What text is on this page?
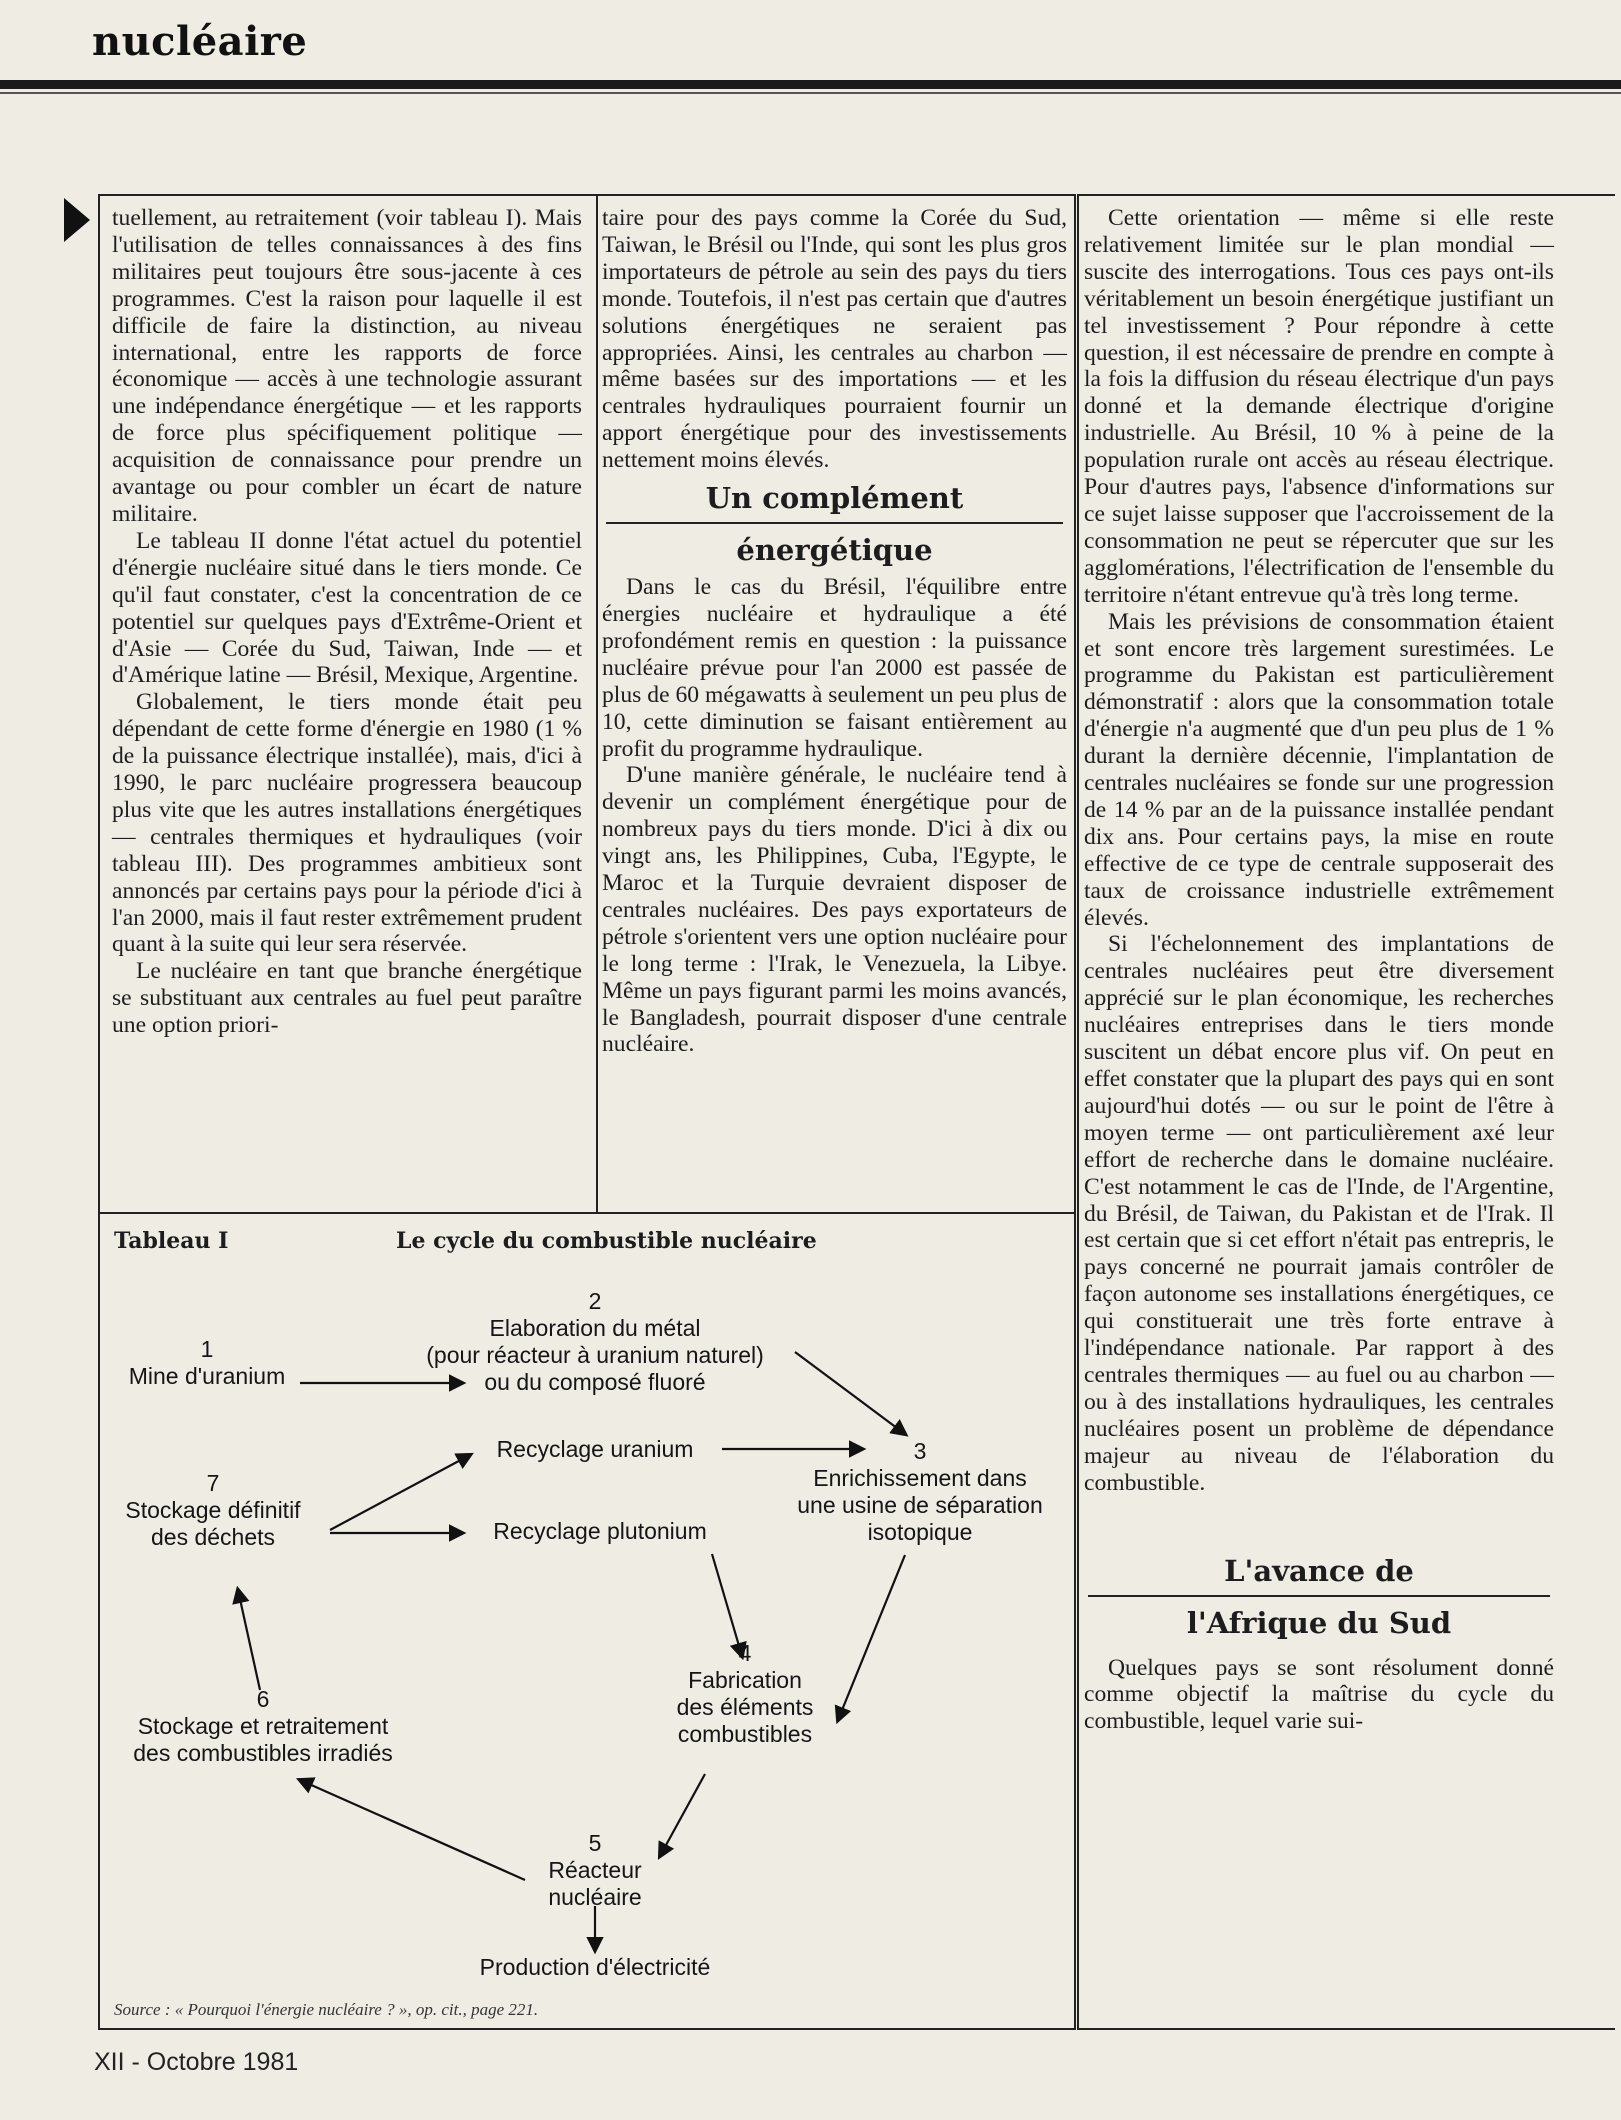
nucléaire

tuellement, au retraitement (voir tableau I). Mais l'utilisation de telles connaissances à des fins militaires peut toujours être sous-jacente à ces programmes. C'est la raison pour laquelle il est difficile de faire la distinction, au niveau international, entre les rapports de force économique — accès à une technologie assurant une indépendance énergétique — et les rapports de force plus spécifiquement politique — acquisition de connaissance pour prendre un avantage ou pour combler un écart de nature militaire.

Le tableau II donne l'état actuel du potentiel d'énergie nucléaire situé dans le tiers monde. Ce qu'il faut constater, c'est la concentration de ce potentiel sur quelques pays d'Extrême-Orient et d'Asie — Corée du Sud, Taiwan, Inde — et d'Amérique latine — Brésil, Mexique, Argentine.

Globalement, le tiers monde était peu dépendant de cette forme d'énergie en 1980 (1 % de la puissance électrique installée), mais, d'ici à 1990, le parc nucléaire progressera beaucoup plus vite que les autres installations énergétiques — centrales thermiques et hydrauliques (voir tableau III). Des programmes ambitieux sont annoncés par certains pays pour la période d'ici à l'an 2000, mais il faut rester extrêmement prudent quant à la suite qui leur sera réservée.

Le nucléaire en tant que branche énergétique se substituant aux centrales au fuel peut paraître une option priori-

taire pour des pays comme la Corée du Sud, Taiwan, le Brésil ou l'Inde, qui sont les plus gros importateurs de pétrole au sein des pays du tiers monde. Toutefois, il n'est pas certain que d'autres solutions énergétiques ne seraient pas appropriées. Ainsi, les centrales au charbon — même basées sur des importations — et les centrales hydrauliques pourraient fournir un apport énergétique pour des investissements nettement moins élevés.

Un complément
énergétique

Dans le cas du Brésil, l'équilibre entre énergies nucléaire et hydraulique a été profondément remis en question : la puissance nucléaire prévue pour l'an 2000 est passée de plus de 60 mégawatts à seulement un peu plus de 10, cette diminution se faisant entièrement au profit du programme hydraulique.

D'une manière générale, le nucléaire tend à devenir un complément énergétique pour de nombreux pays du tiers monde. D'ici à dix ou vingt ans, les Philippines, Cuba, l'Egypte, le Maroc et la Turquie devraient disposer de centrales nucléaires. Des pays exportateurs de pétrole s'orientent vers une option nucléaire pour le long terme : l'Irak, le Venezuela, la Libye. Même un pays figurant parmi les moins avancés, le Bangladesh, pourrait disposer d'une centrale nucléaire.

Cette orientation — même si elle reste relativement limitée sur le plan mondial — suscite des interrogations. Tous ces pays ont-ils véritablement un besoin énergétique justifiant un tel investissement ? Pour répondre à cette question, il est nécessaire de prendre en compte à la fois la diffusion du réseau électrique d'un pays donné et la demande électrique d'origine industrielle. Au Brésil, 10 % à peine de la population rurale ont accès au réseau électrique. Pour d'autres pays, l'absence d'informations sur ce sujet laisse supposer que l'accroissement de la consommation ne peut se répercuter que sur les agglomérations, l'électrification de l'ensemble du territoire n'étant entrevue qu'à très long terme.

Mais les prévisions de consommation étaient et sont encore très largement surestimées. Le programme du Pakistan est particulièrement démonstratif : alors que la consommation totale d'énergie n'a augmenté que d'un peu plus de 1 % durant la dernière décennie, l'implantation de centrales nucléaires se fonde sur une progression de 14 % par an de la puissance installée pendant dix ans. Pour certains pays, la mise en route effective de ce type de centrale supposerait des taux de croissance industrielle extrêmement élevés.

Si l'échelonnement des implantations de centrales nucléaires peut être diversement apprécié sur le plan économique, les recherches nucléaires entreprises dans le tiers monde suscitent un débat encore plus vif. On peut en effet constater que la plupart des pays qui en sont aujourd'hui dotés — ou sur le point de l'être à moyen terme — ont particulièrement axé leur effort de recherche dans le domaine nucléaire. C'est notamment le cas de l'Inde, de l'Argentine, du Brésil, de Taiwan, du Pakistan et de l'Irak. Il est certain que si cet effort n'était pas entrepris, le pays concerné ne pourrait jamais contrôler de façon autonome ses installations énergétiques, ce qui constituerait une très forte entrave à l'indépendance nationale. Par rapport à des centrales thermiques — au fuel ou au charbon — ou à des installations hydrauliques, les centrales nucléaires posent un problème de dépendance majeur au niveau de l'élaboration du combustible.

L'avance de
l'Afrique du Sud

Quelques pays se sont résolument donné comme objectif la maîtrise du cycle du combustible, lequel varie sui-

Tableau I	Le cycle du combustible nucléaire
1
Mine d'uranium
2
Elaboration du métal
(pour réacteur à uranium naturel)
ou du composé fluoré
3
Enrichissement dans
une usine de séparation
isotopique
Recyclage uranium
Recyclage plutonium
7
Stockage définitif
des déchets
4
Fabrication
des éléments
combustibles
6
Stockage et retraitement
des combustibles irradiés
5
Réacteur
nucléaire
Production d'électricité
Source : « Pourquoi l'énergie nucléaire ? », op. cit., page 221.
XII - Octobre 1981
